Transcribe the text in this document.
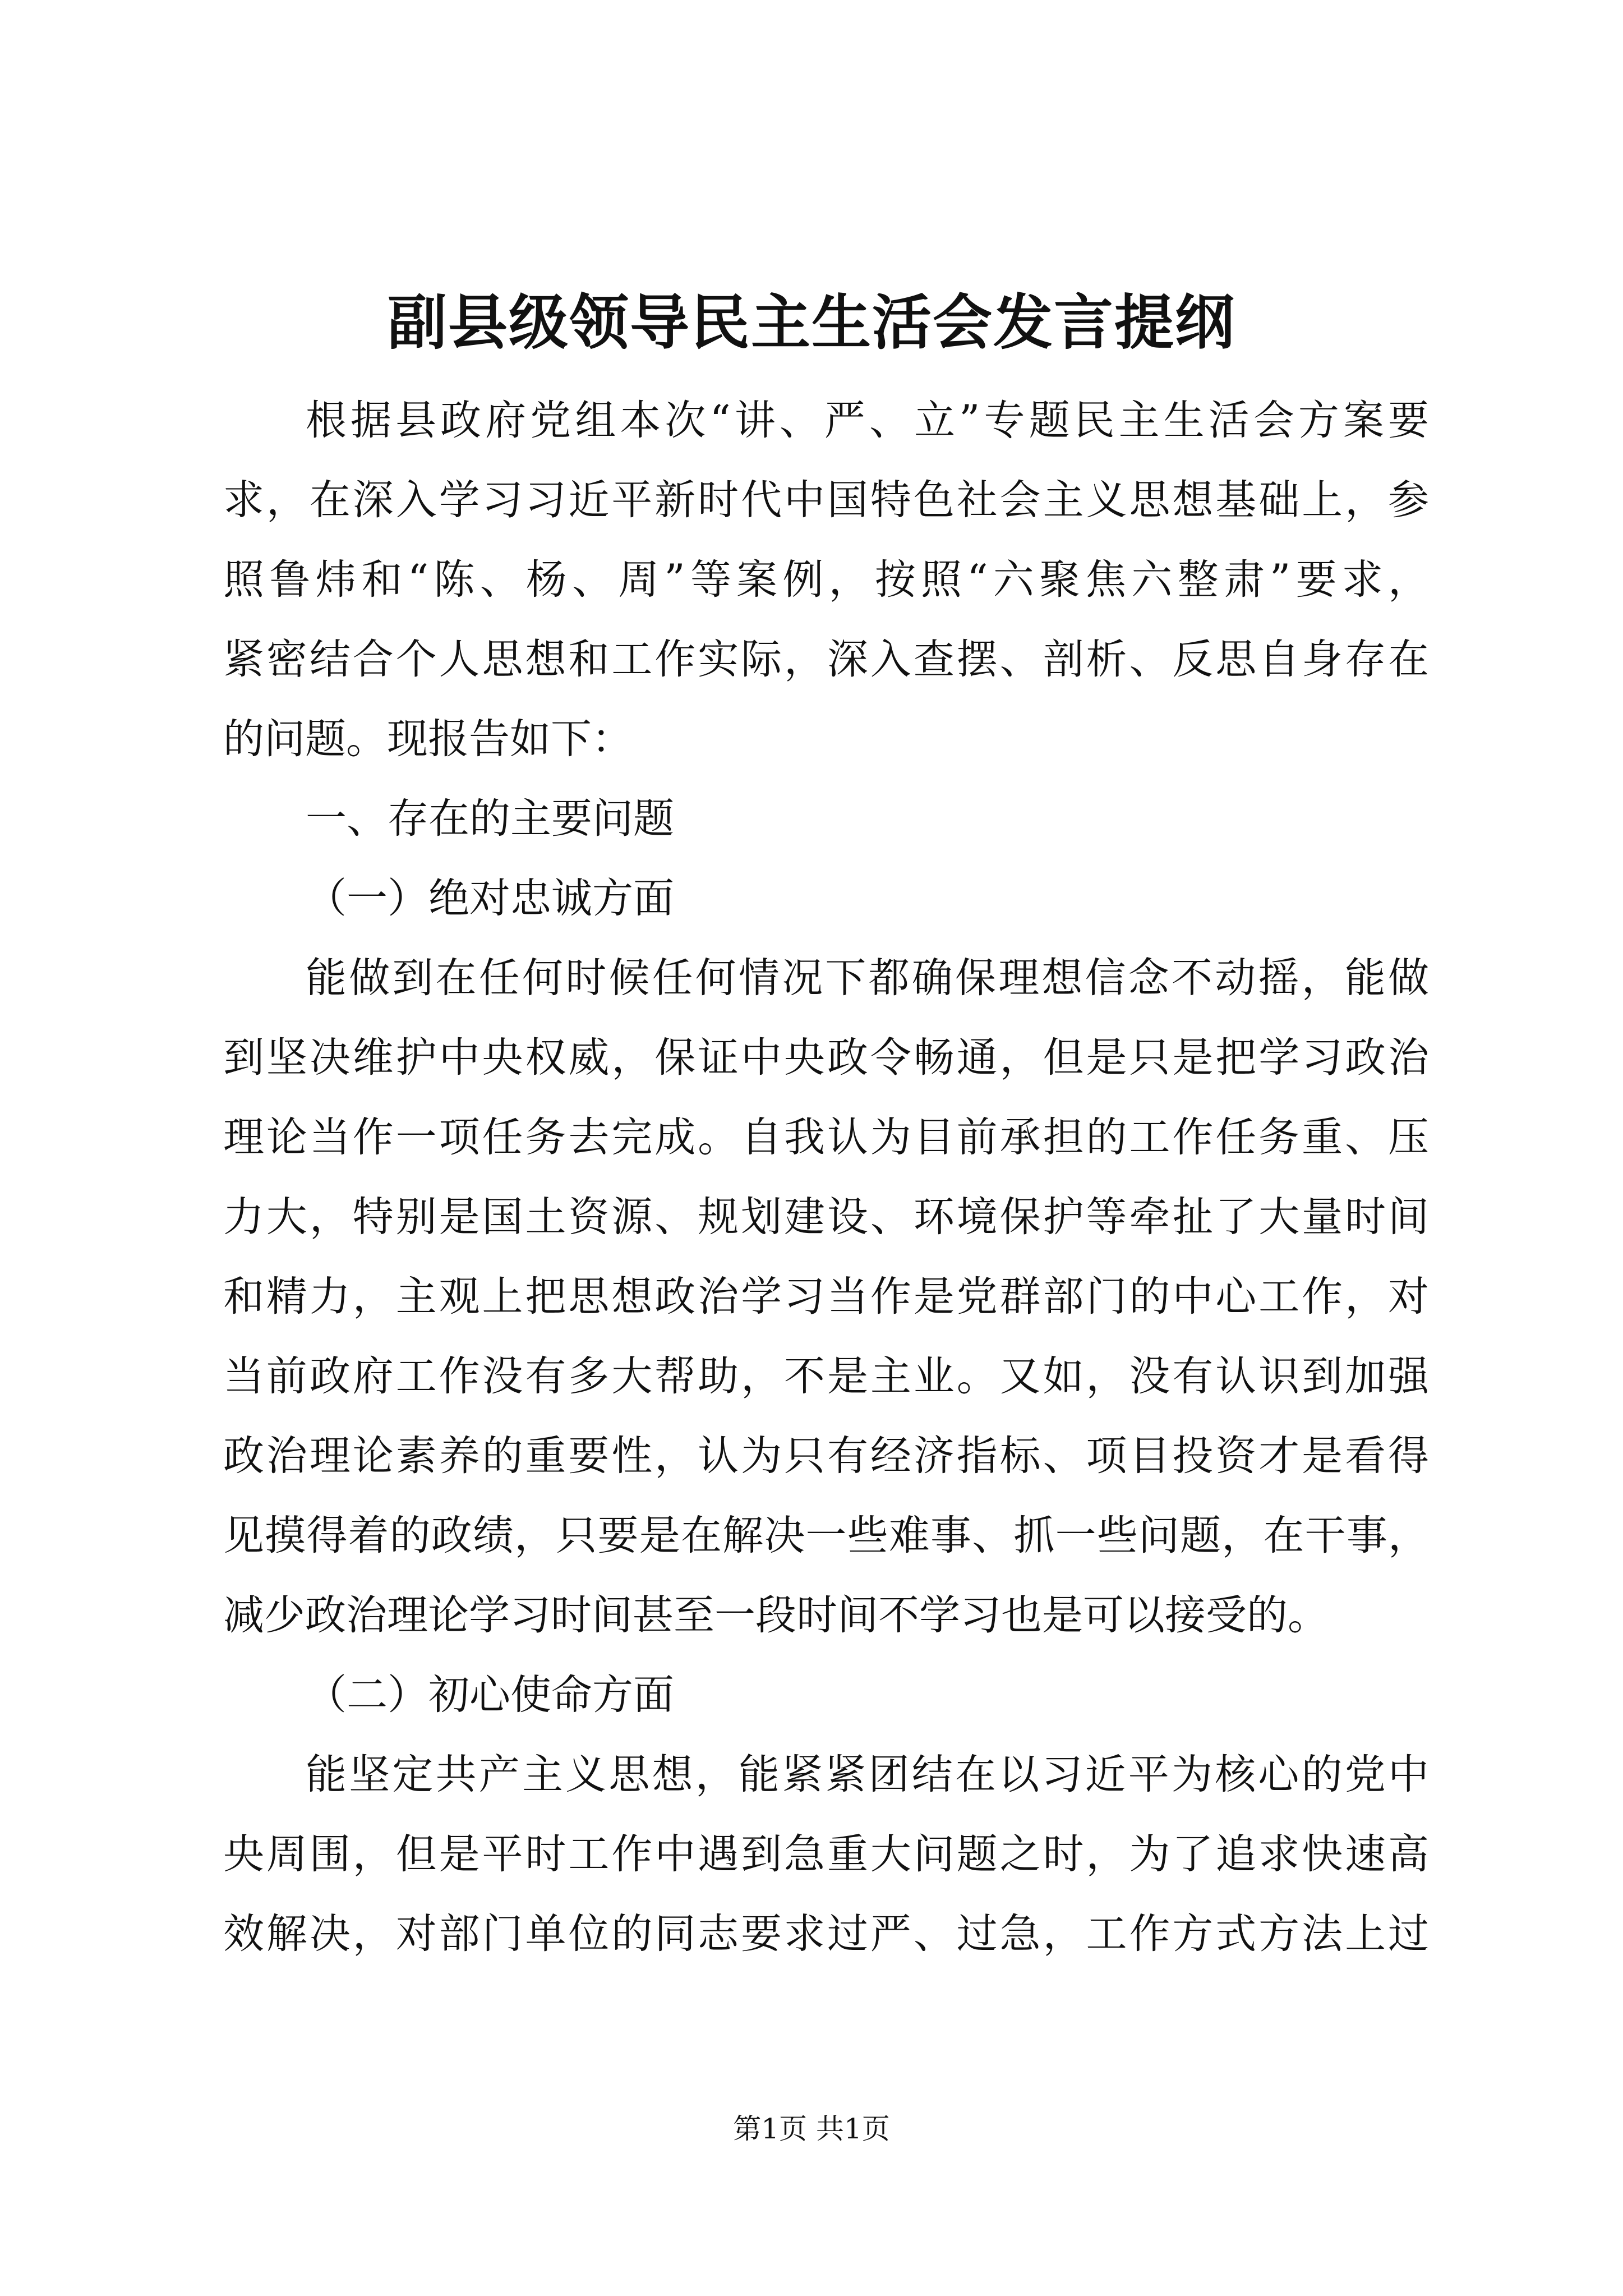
副县级领导民主生活会发言提纲
根据县政府党组本次“讲、严、立”专题民主生活会方案要
求，在深入学习习近平新时代中国特色社会主义思想基础上，参
照鲁炜和“陈、杨、周”等案例，按照“六聚焦六整肃”要求，
紧密结合个人思想和工作实际，深入查摆、剖析、反思自身存在
的问题。现报告如下：
一、存在的主要问题
（一）绝对忠诚方面
能做到在任何时候任何情况下都确保理想信念不动摇，能做
到坚决维护中央权威，保证中央政令畅通，但是只是把学习政治
理论当作一项任务去完成。自我认为目前承担的工作任务重、压
力大，特别是国土资源、规划建设、环境保护等牵扯了大量时间
和精力，主观上把思想政治学习当作是党群部门的中心工作，对
当前政府工作没有多大帮助，不是主业。又如，没有认识到加强
政治理论素养的重要性，认为只有经济指标、项目投资才是看得
见摸得着的政绩，只要是在解决一些难事、抓一些问题，在干事，
减少政治理论学习时间甚至一段时间不学习也是可以接受的。
（二）初心使命方面
能坚定共产主义思想，能紧紧团结在以习近平为核心的党中
央周围，但是平时工作中遇到急重大问题之时，为了追求快速高
效解决，对部门单位的同志要求过严、过急，工作方式方法上过
第1页 共1页
